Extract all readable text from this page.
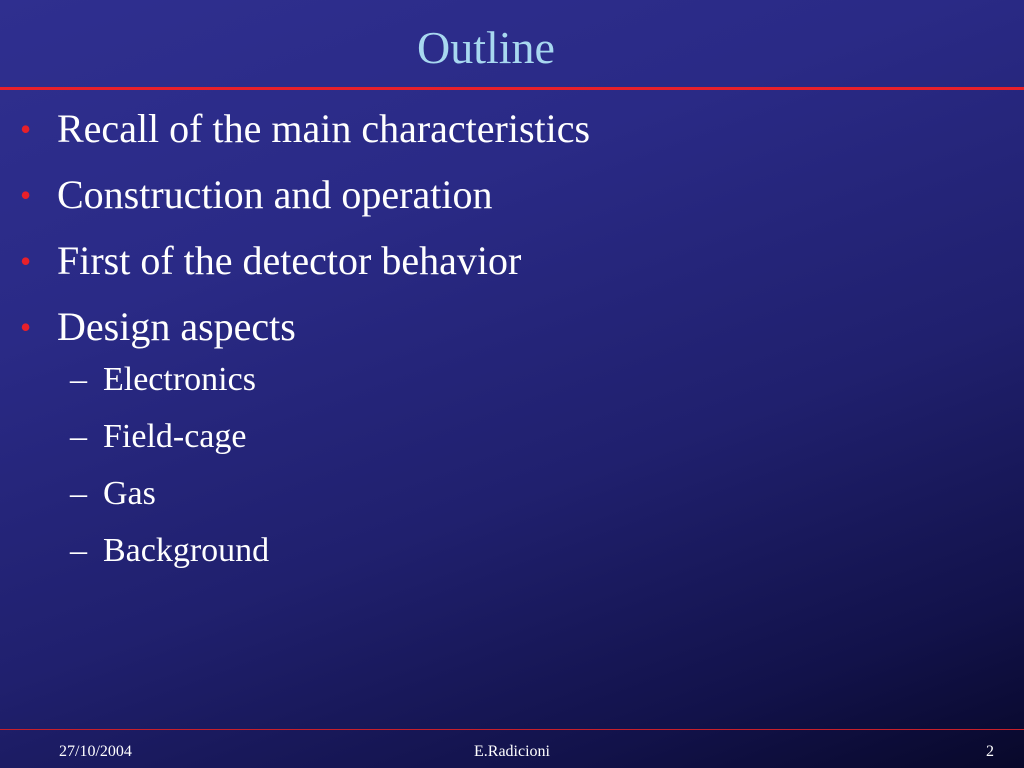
Outline
• Recall of the main characteristics
• Construction and operation
• First of the detector behavior
• Design aspects
– Electronics
– Field-cage
– Gas
– Background
27/10/2004	E.Radicioni	2
